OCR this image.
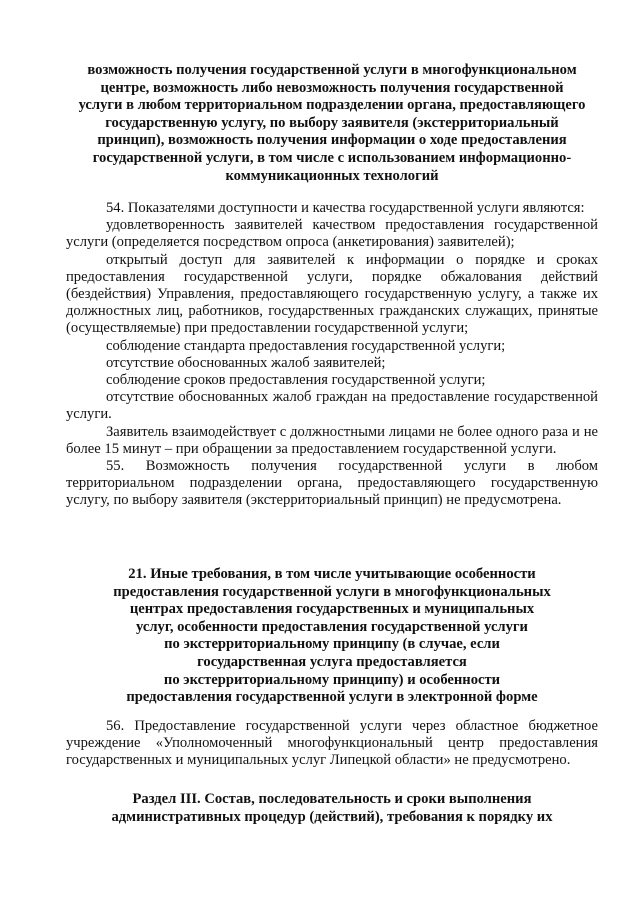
возможность получения государственной услуги в многофункциональном
центре, возможность либо невозможность получения государственной
услуги в любом территориальном подразделении органа, предоставляющего
государственную услугу, по выбору заявителя (экстерриториальный
принцип), возможность получения информации о ходе предоставления
государственной услуги, в том числе с использованием информационно-
коммуникационных технологий

54. Показателями доступности и качества государственной услуги являются:

удовлетворенность заявителей качеством предоставления государственной услуги (определяется посредством опроса (анкетирования) заявителей);

открытый доступ для заявителей к информации о порядке и сроках предоставления государственной услуги, порядке обжалования действий (бездействия) Управления, предоставляющего государственную услугу, а также их должностных лиц, работников, государственных гражданских служащих, принятые (осуществляемые) при предоставлении государственной услуги;

соблюдение стандарта предоставления государственной услуги;

отсутствие обоснованных жалоб заявителей;

соблюдение сроков предоставления государственной услуги;

отсутствие обоснованных жалоб граждан на предоставление государственной услуги.

Заявитель взаимодействует с должностными лицами не более одного раза и не более 15 минут – при обращении за предоставлением государственной услуги.

55. Возможность получения государственной услуги в любом территориальном подразделении органа, предоставляющего государственную услугу, по выбору заявителя (экстерриториальный принцип) не предусмотрена.

21. Иные требования, в том числе учитывающие особенности
предоставления государственной услуги в многофункциональных
центрах предоставления государственных и муниципальных
услуг, особенности предоставления государственной услуги
по экстерриториальному принципу (в случае, если
государственная услуга предоставляется
по экстерриториальному принципу) и особенности
предоставления государственной услуги в электронной форме

56. Предоставление государственной услуги через областное бюджетное учреждение «Уполномоченный многофункциональный центр предоставления государственных и муниципальных услуг Липецкой области» не предусмотрено.

Раздел III. Состав, последовательность и сроки выполнения
административных процедур (действий), требования к порядку их
